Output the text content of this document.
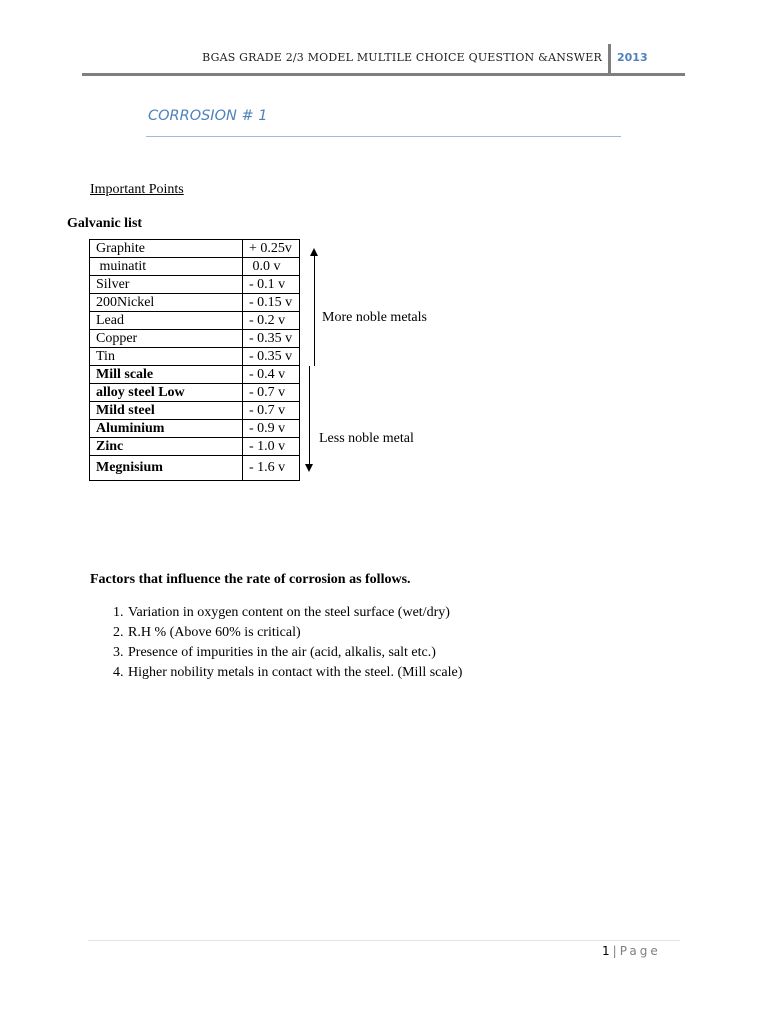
BGAS GRADE 2/3 MODEL MULTILE CHOICE QUESTION &ANSWER 2013
CORROSION # 1
Important Points
Galvanic list
Graphite	+ 0.25v
muinatit	0.0 v
Silver	- 0.1 v
200Nickel	- 0.15 v
Lead	- 0.2 v
Copper	- 0.35 v
Tin	- 0.35 v
Mill scale	- 0.4 v
alloy steel Low	- 0.7 v
Mild steel	- 0.7 v
Aluminium	- 0.9 v
Zinc	- 1.0 v
Megnisium	- 1.6 v
More noble metals
Less noble metal
Factors that influence the rate of corrosion as follows.
1. Variation in oxygen content on the steel surface (wet/dry)
2. R.H % (Above 60% is critical)
3. Presence of impurities in the air (acid, alkalis, salt etc.)
4. Higher nobility metals in contact with the steel. (Mill scale)
1 | Page
